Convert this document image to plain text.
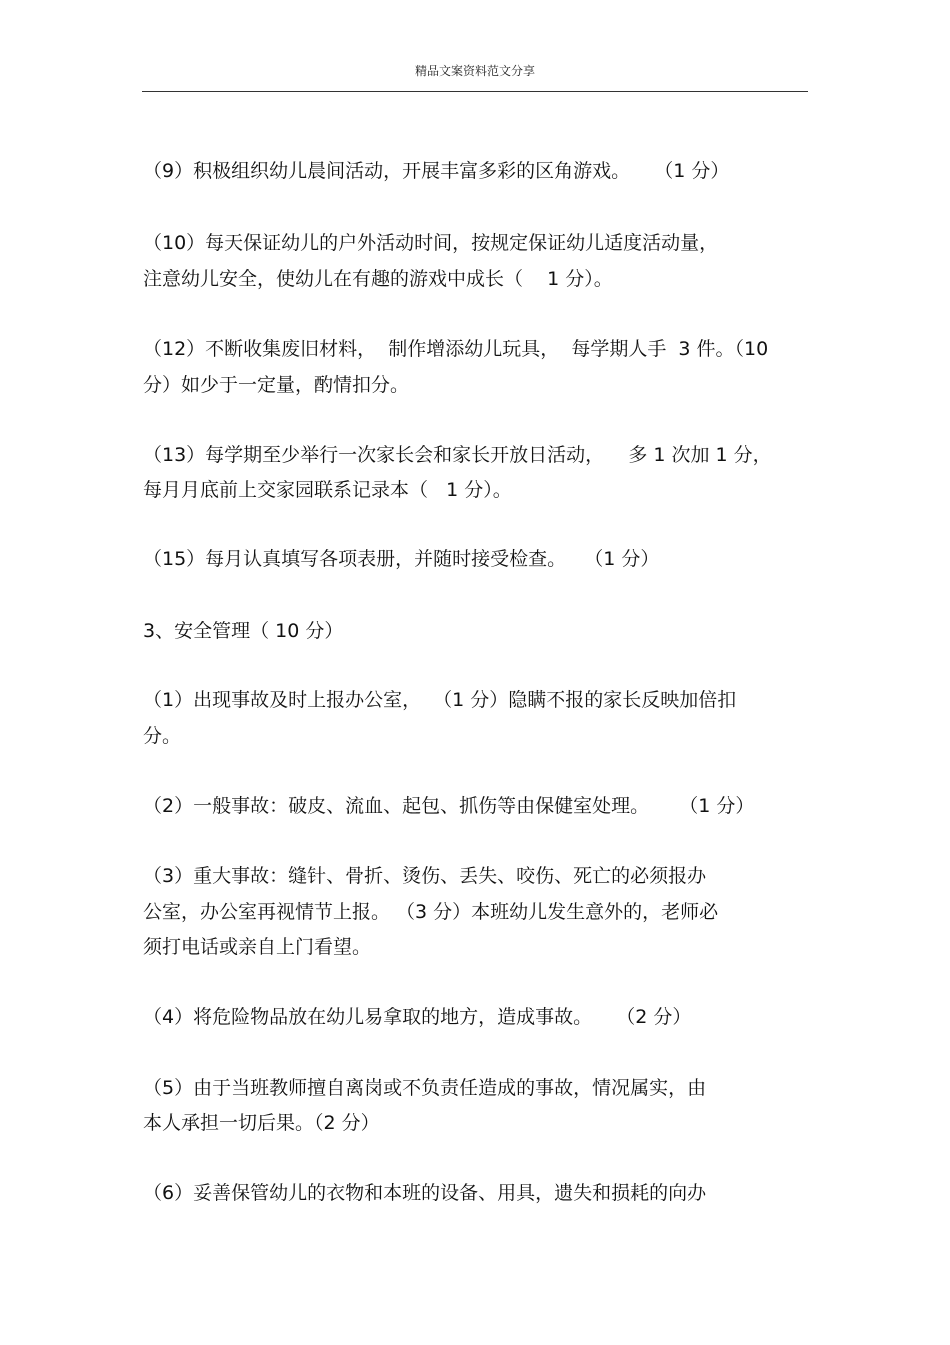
精品文案资料范文分享
（9）积极组织幼儿晨间活动，开展丰富多彩的区角游戏。    （1 分）
（10）每天保证幼儿的户外活动时间，按规定保证幼儿适度活动量，
注意幼儿安全，使幼儿在有趣的游戏中成长（    1 分）。
（12）不断收集废旧材料，  制作增添幼儿玩具，  每学期人手  3 件。（10
分）如少于一定量，酌情扣分。
（13）每学期至少举行一次家长会和家长开放日活动，    多 1 次加 1 分，
每月月底前上交家园联系记录本（   1 分）。
（15）每月认真填写各项表册，并随时接受检查。   （1 分）
3、安全管理（ 10 分）
（1）出现事故及时上报办公室，  （1 分）隐瞒不报的家长反映加倍扣
分。
（2）一般事故：破皮、流血、起包、抓伤等由保健室处理。     （1 分）
（3）重大事故：缝针、骨折、烫伤、丢失、咬伤、死亡的必须报办
公室，办公室再视情节上报。 （3 分）本班幼儿发生意外的，老师必
须打电话或亲自上门看望。
（4）将危险物品放在幼儿易拿取的地方，造成事故。    （2 分）
（5）由于当班教师擅自离岗或不负责任造成的事故，情况属实，由
本人承担一切后果。（2 分）
（6）妥善保管幼儿的衣物和本班的设备、用具，遗失和损耗的向办
